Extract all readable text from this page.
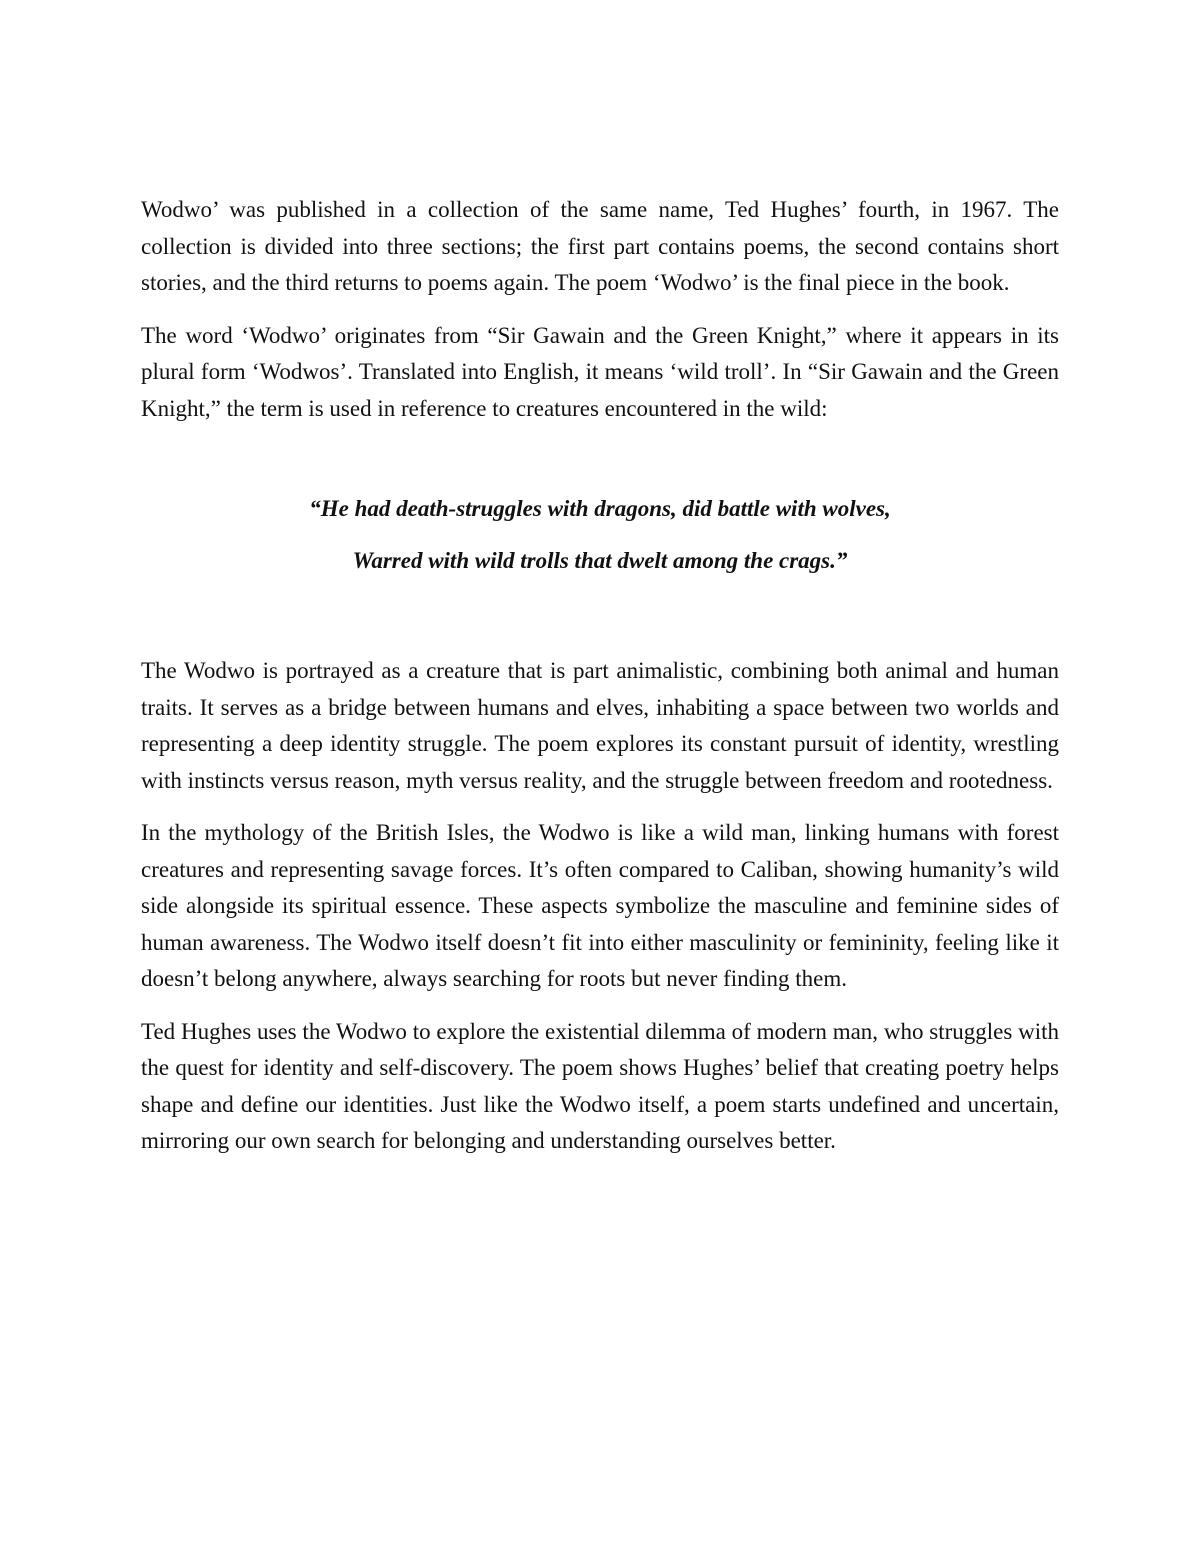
Wodwo’ was published in a collection of the same name, Ted Hughes’ fourth, in 1967. The collection is divided into three sections; the first part contains poems, the second contains short stories, and the third returns to poems again. The poem ‘Wodwo’ is the final piece in the book.

The word ‘Wodwo’ originates from “Sir Gawain and the Green Knight,” where it appears in its plural form ‘Wodwos’. Translated into English, it means ‘wild troll’. In “Sir Gawain and the Green Knight,” the term is used in reference to creatures encountered in the wild:

“He had death-struggles with dragons, did battle with wolves,

Warred with wild trolls that dwelt among the crags.”

The Wodwo is portrayed as a creature that is part animalistic, combining both animal and human traits. It serves as a bridge between humans and elves, inhabiting a space between two worlds and representing a deep identity struggle. The poem explores its constant pursuit of identity, wrestling with instincts versus reason, myth versus reality, and the struggle between freedom and rootedness.

In the mythology of the British Isles, the Wodwo is like a wild man, linking humans with forest creatures and representing savage forces. It’s often compared to Caliban, showing humanity’s wild side alongside its spiritual essence. These aspects symbolize the masculine and feminine sides of human awareness. The Wodwo itself doesn’t fit into either masculinity or femininity, feeling like it doesn’t belong anywhere, always searching for roots but never finding them.

Ted Hughes uses the Wodwo to explore the existential dilemma of modern man, who struggles with the quest for identity and self-discovery. The poem shows Hughes’ belief that creating poetry helps shape and define our identities. Just like the Wodwo itself, a poem starts undefined and uncertain, mirroring our own search for belonging and understanding ourselves better.
